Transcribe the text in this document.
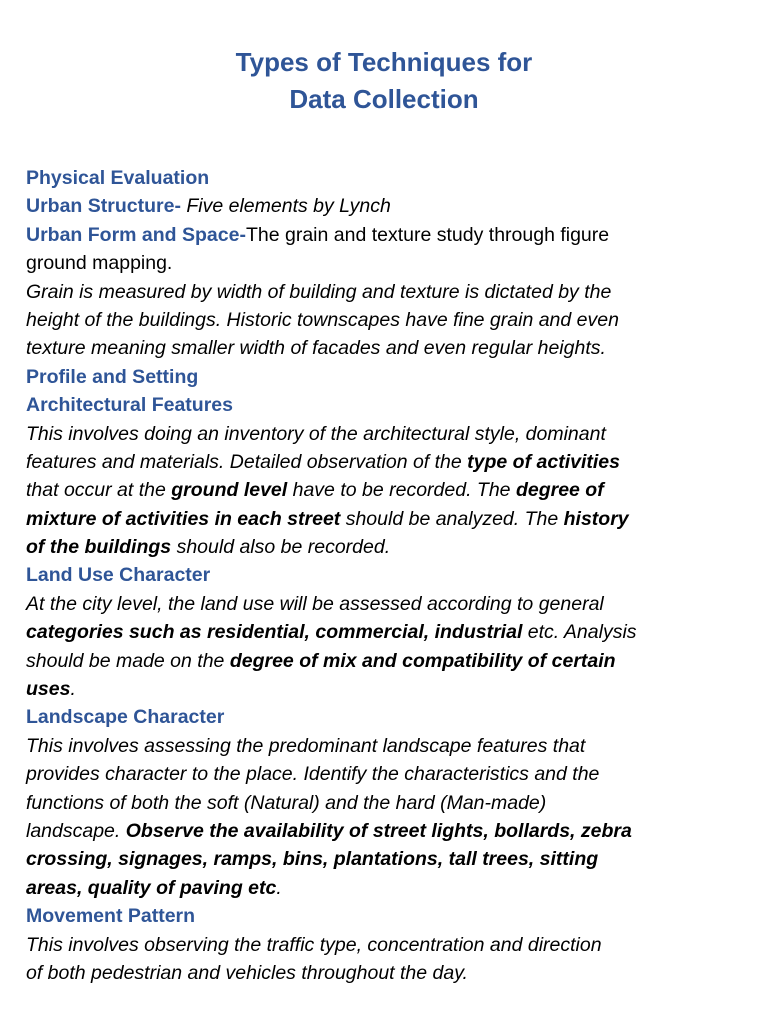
Types of Techniques for
Data Collection
Physical Evaluation
Urban Structure- Five elements by Lynch
Urban Form and Space-The grain and texture study through figure
ground mapping.
Grain is measured by width of building and texture is dictated by the
height of the buildings. Historic townscapes have fine grain and even
texture meaning smaller width of facades and even regular heights.
Profile and Setting
Architectural Features
This involves doing an inventory of the architectural style, dominant
features and materials. Detailed observation of the type of activities
that occur at the ground level have to be recorded. The degree of
mixture of activities in each street should be analyzed. The history
of the buildings should also be recorded.
Land Use Character
At the city level, the land use will be assessed according to general
categories such as residential, commercial, industrial etc. Analysis
should be made on the degree of mix and compatibility of certain
uses.
Landscape Character
This involves assessing the predominant landscape features that
provides character to the place. Identify the characteristics and the
functions of both the soft (Natural) and the hard (Man-made)
landscape. Observe the availability of street lights, bollards, zebra
crossing, signages, ramps, bins, plantations, tall trees, sitting
areas, quality of paving etc.
Movement Pattern
This involves observing the traffic type, concentration and direction
of both pedestrian and vehicles throughout the day.
